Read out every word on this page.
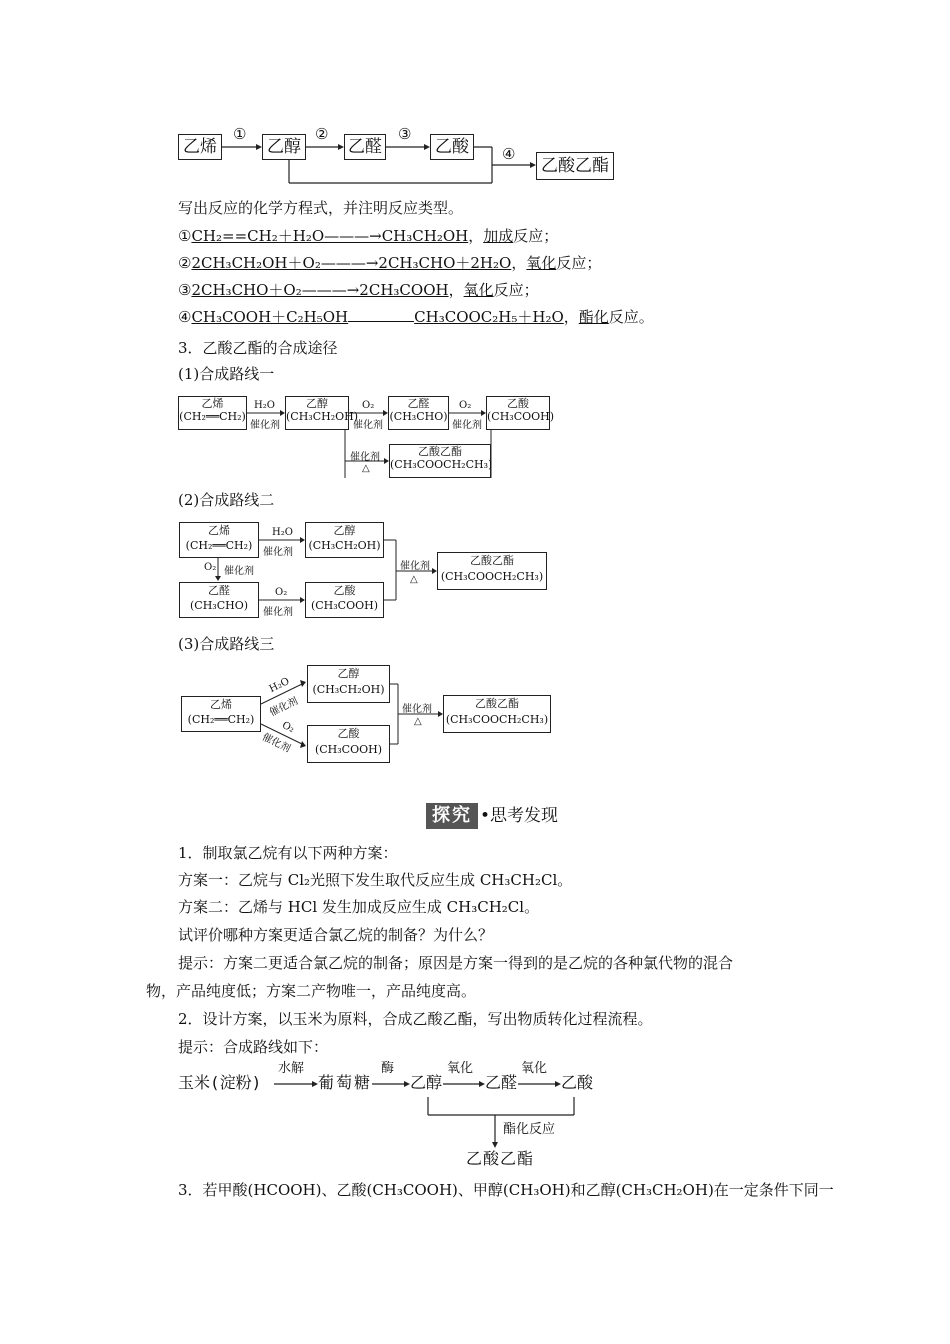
乙烯	乙醇	乙醛	乙酸
乙酸乙酯
①	②	③
④
写出反应的化学方程式，并注明反应类型。
①CH₂==CH₂＋H₂O———→CH₃CH₂OH，加成反应；
②2CH₃CH₂OH＋O₂———→2CH₃CHO＋2H₂O，氧化反应；
③2CH₃CHO＋O₂———→2CH₃COOH，氧化反应；
④CH₃COOH＋C₂H₅OH	CH₃COOC₂H₅＋H₂O，酯化反应。
3．乙酸乙酯的合成途径
(1)合成路线一
乙烯
(CH₂══CH₂)
乙醇
(CH₃CH₂OH)
乙醛
(CH₃CHO)
乙酸
(CH₃COOH)
乙酸乙酯
(CH₃COOCH₂CH₃)
H₂O
催化剂
O₂
催化剂
O₂
催化剂
催化剂
△
(2)合成路线二
乙烯
(CH₂══CH₂)
乙醇
(CH₃CH₂OH)
乙醛
(CH₃CHO)
乙酸
(CH₃COOH)
乙酸乙酯
(CH₃COOCH₂CH₃)
H₂O
催化剂
O₂ 催化剂
O₂
催化剂
催化剂
△
(3)合成路线三
乙烯
(CH₂══CH₂)
乙醇
(CH₃CH₂OH)
乙酸
(CH₃COOH)
乙酸乙酯
(CH₃COOCH₂CH₃)
H₂O
催化剂
O₂
催化剂
催化剂
△
探究 •思考发现
1．制取氯乙烷有以下两种方案：
方案一：乙烷与 Cl₂光照下发生取代反应生成 CH₃CH₂Cl。
方案二：乙烯与 HCl 发生加成反应生成 CH₃CH₂Cl。
试评价哪种方案更适合氯乙烷的制备？为什么？
提示：方案二更适合氯乙烷的制备；原因是方案一得到的是乙烷的各种氯代物的混合
物，产品纯度低；方案二产物唯一，产品纯度高。
2．设计方案，以玉米为原料，合成乙酸乙酯，写出物质转化过程流程。
提示：合成路线如下：
玉米(淀粉)	葡萄糖 乙醇	乙醛	乙酸
乙酸乙酯
水解	酶	氧化	氧化
酯化反应
3．若甲酸(HCOOH)、乙酸(CH₃COOH)、甲醇(CH₃OH)和乙醇(CH₃CH₂OH)在一定条件下同一
